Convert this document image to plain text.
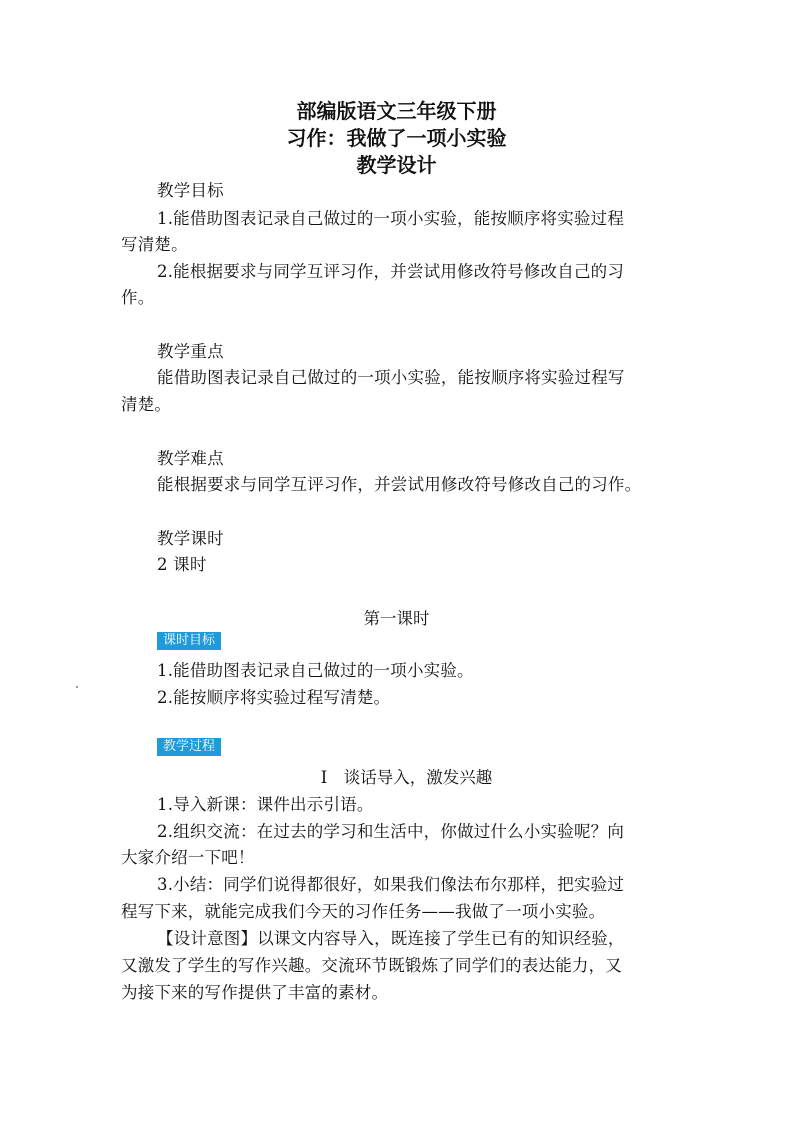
部编版语文三年级下册
习作：我做了一项小实验
教学设计
教学目标
1.能借助图表记录自己做过的一项小实验，能按顺序将实验过程
写清楚。
2.能根据要求与同学互评习作，并尝试用修改符号修改自己的习
作。
教学重点
能借助图表记录自己做过的一项小实验，能按顺序将实验过程写
清楚。
教学难点
能根据要求与同学互评习作，并尝试用修改符号修改自己的习作。
教学课时
2 课时
第一课时
课时目标
1.能借助图表记录自己做过的一项小实验。
2.能按顺序将实验过程写清楚。
教学过程
Ⅰ　谈话导入，激发兴趣
1.导入新课：课件出示引语。
2.组织交流：在过去的学习和生活中，你做过什么小实验呢？向
大家介绍一下吧！
3.小结：同学们说得都很好，如果我们像法布尔那样，把实验过
程写下来，就能完成我们今天的习作任务——我做了一项小实验。
【设计意图】以课文内容导入，既连接了学生已有的知识经验，
又激发了学生的写作兴趣。交流环节既锻炼了同学们的表达能力，又
为接下来的写作提供了丰富的素材。
